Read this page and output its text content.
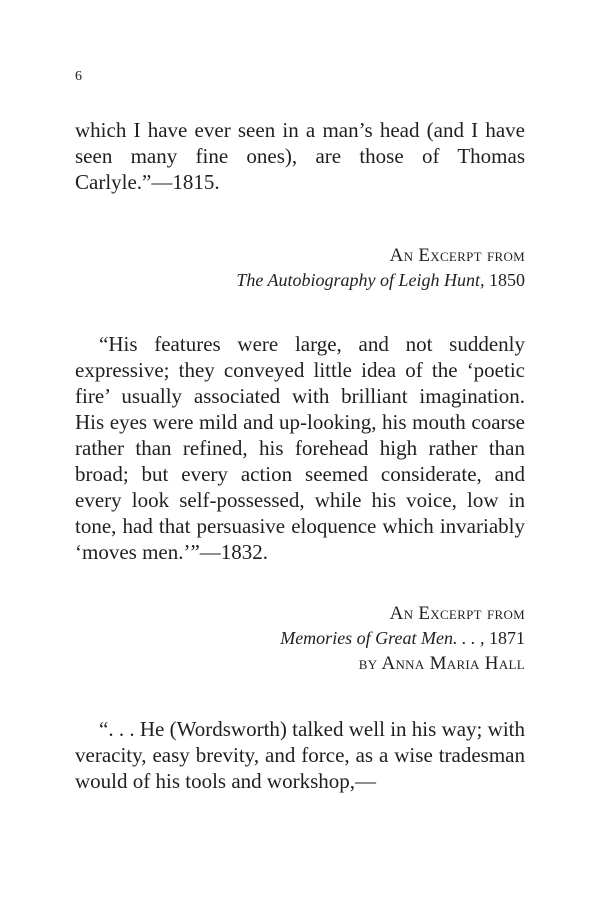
6

which I have ever seen in a man’s head (and I have seen many fine ones), are those of Thomas Carlyle.”—1815.

An Excerpt from
The Autobiography of Leigh Hunt, 1850

“His features were large, and not suddenly expressive; they conveyed little idea of the ‘poetic fire’ usually associated with brilliant imagination. His eyes were mild and up-looking, his mouth coarse rather than refined, his forehead high rather than broad; but every action seemed considerate, and every look self-possessed, while his voice, low in tone, had that persuasive eloquence which invariably ‘moves men.’”—1832.

An Excerpt from
Memories of Great Men. . . , 1871
by Anna Maria Hall

“. . . He (Wordsworth) talked well in his way; with veracity, easy brevity, and force, as a wise tradesman would of his tools and workshop,—
